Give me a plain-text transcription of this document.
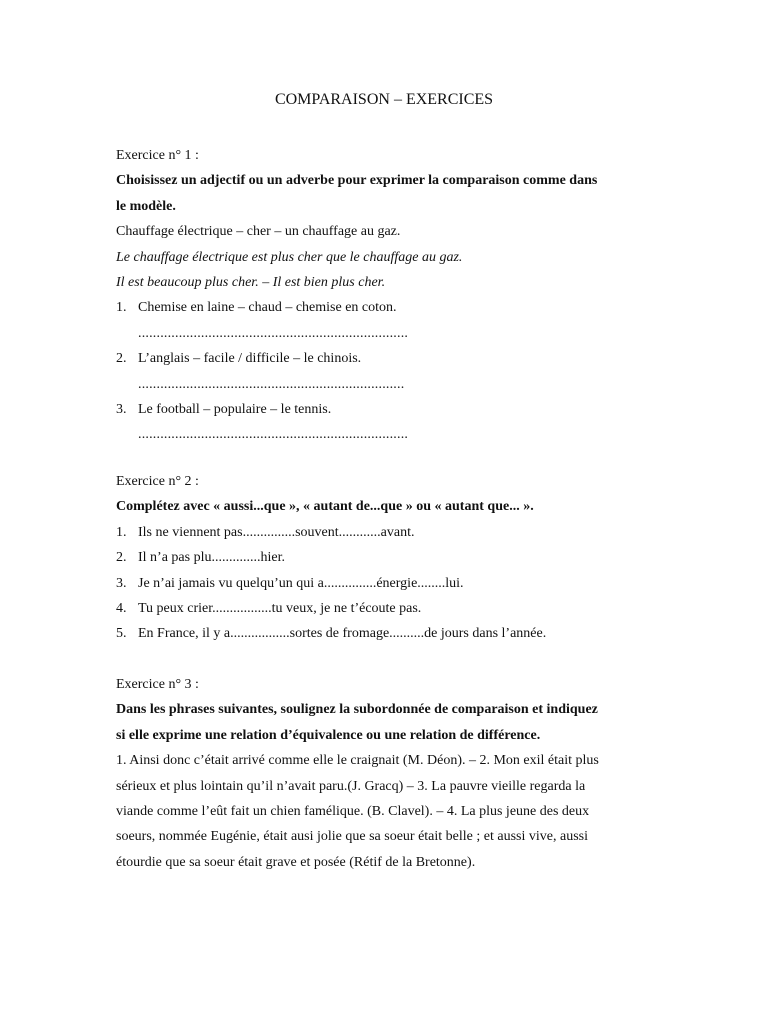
COMPARAISON – EXERCICES

Exercice n° 1 :

Choisissez un adjectif ou un adverbe pour exprimer la comparaison comme dans

le modèle.

Chauffage électrique – cher – un chauffage au gaz.

Le chauffage électrique est plus cher que le chauffage au gaz.

Il est beaucoup plus cher. – Il est bien plus cher.

1. Chemise en laine – chaud – chemise en coton.

.........................................................................

2. L’anglais – facile / difficile – le chinois.

........................................................................

3. Le football – populaire – le tennis.

.........................................................................

Exercice n° 2 :

Complétez avec « aussi...que », « autant de...que » ou « autant que... ».

1. Ils ne viennent pas...............souvent............avant.

2. Il n’a pas plu..............hier.

3. Je n’ai jamais vu quelqu’un qui a...............énergie........lui.

4. Tu peux crier.................tu veux, je ne t’écoute pas.

5. En France, il y a.................sortes de fromage..........de jours dans l’année.

Exercice n° 3 :

Dans les phrases suivantes, soulignez la subordonnée de comparaison et indiquez

si elle exprime une relation d’équivalence ou une relation de différence.

1. Ainsi donc c’était arrivé comme elle le craignait (M. Déon). – 2. Mon exil était plus

sérieux et plus lointain qu’il n’avait paru.(J. Gracq) – 3. La pauvre vieille regarda la

viande comme l’eût fait un chien famélique. (B. Clavel). – 4. La plus jeune des deux

soeurs, nommée Eugénie, était ausi jolie que sa soeur était belle ; et aussi vive, aussi

étourdie que sa soeur était grave et posée (Rétif de la Bretonne).
